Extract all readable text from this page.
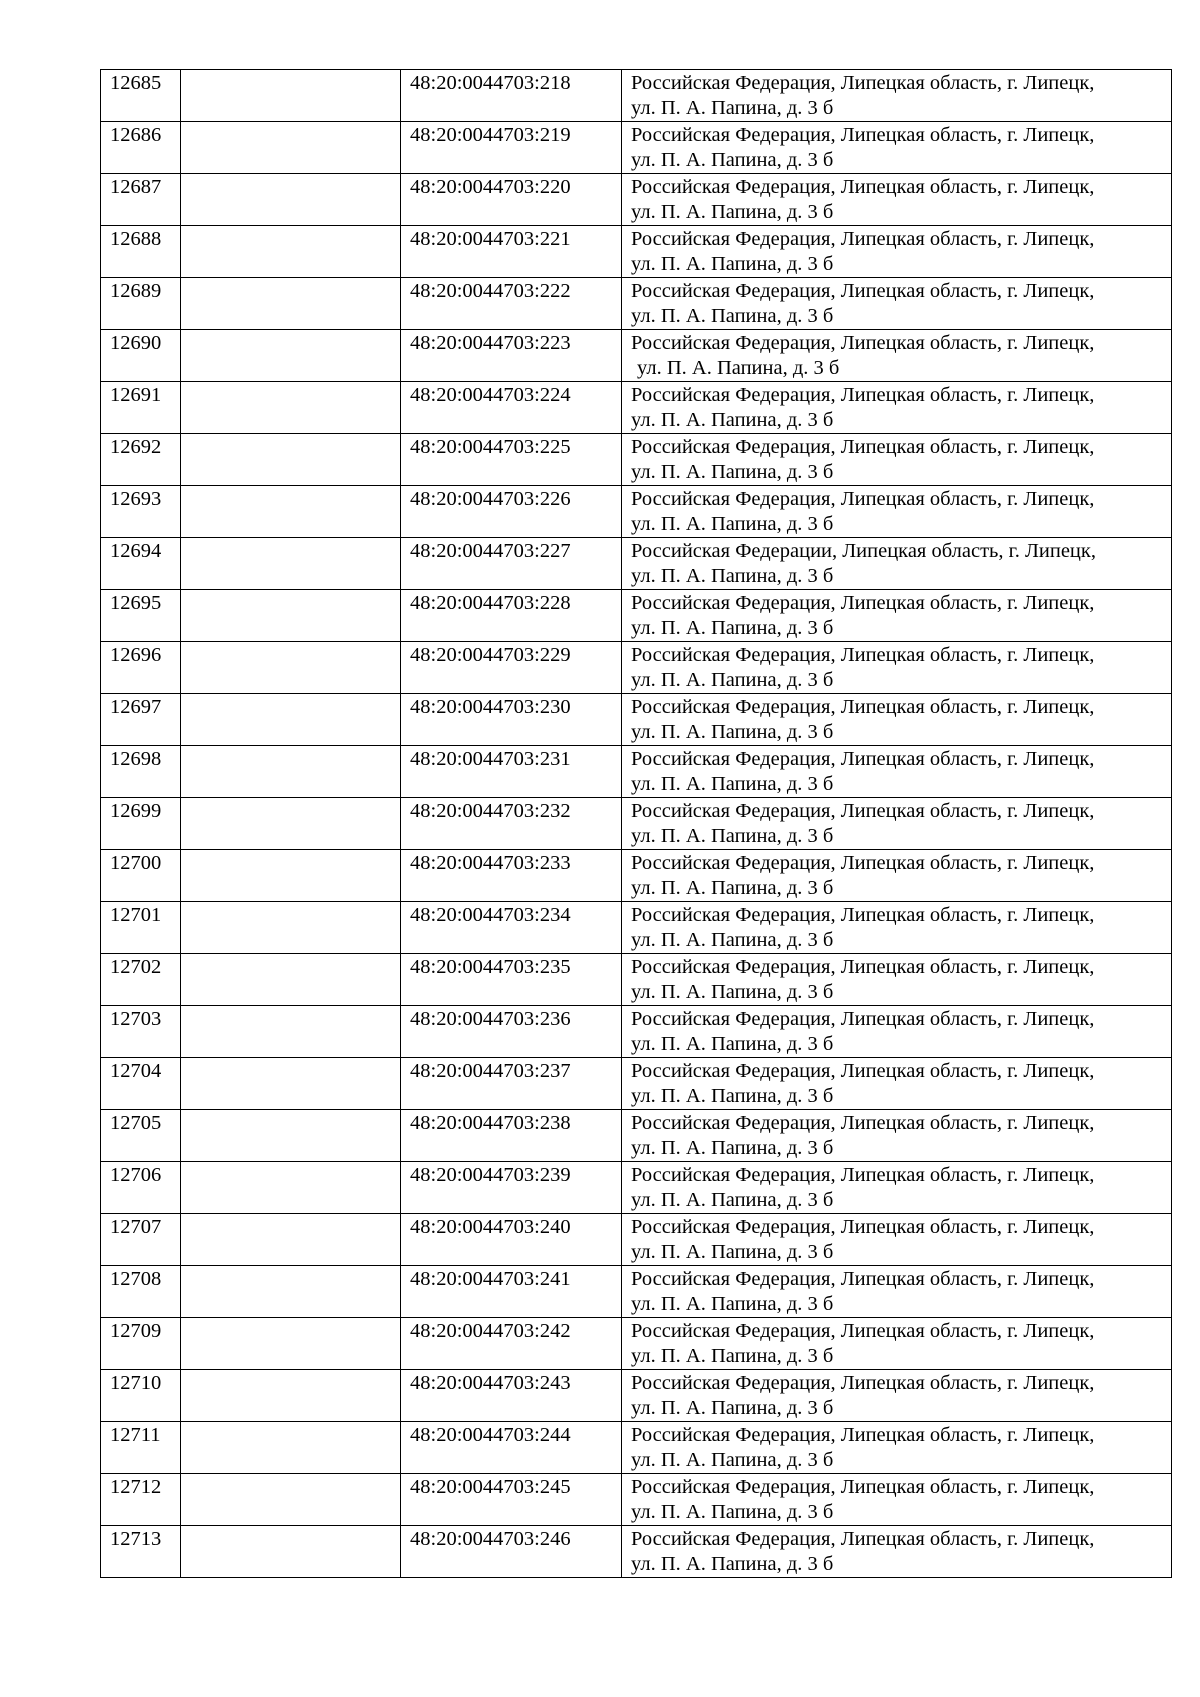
12685		48:20:0044703:218	Российская Федерация, Липецкая область, г. Липецк,
ул. П. А. Папина, д. 3 б

12686		48:20:0044703:219	Российская Федерация, Липецкая область, г. Липецк,
ул. П. А. Папина, д. 3 б

12687		48:20:0044703:220	Российская Федерация, Липецкая область, г. Липецк,
ул. П. А. Папина, д. 3 б

12688		48:20:0044703:221	Российская Федерация, Липецкая область, г. Липецк,
ул. П. А. Папина, д. 3 б

12689		48:20:0044703:222	Российская Федерация, Липецкая область, г. Липецк,
ул. П. А. Папина, д. 3 б

12690		48:20:0044703:223	Российская Федерация, Липецкая область, г. Липецк,
ул. П. А. Папина, д. 3 б

12691		48:20:0044703:224	Российская Федерация, Липецкая область, г. Липецк,
ул. П. А. Папина, д. 3 б

12692		48:20:0044703:225	Российская Федерация, Липецкая область, г. Липецк,
ул. П. А. Папина, д. 3 б

12693		48:20:0044703:226	Российская Федерация, Липецкая область, г. Липецк,
ул. П. А. Папина, д. 3 б

12694		48:20:0044703:227	Российская Федерации, Липецкая область, г. Липецк,
ул. П. А. Папина, д. 3 б

12695		48:20:0044703:228	Российская Федерация, Липецкая область, г. Липецк,
ул. П. А. Папина, д. 3 б

12696		48:20:0044703:229	Российская Федерация, Липецкая область, г. Липецк,
ул. П. А. Папина, д. 3 б

12697		48:20:0044703:230	Российская Федерация, Липецкая область, г. Липецк,
ул. П. А. Папина, д. 3 б

12698		48:20:0044703:231	Российская Федерация, Липецкая область, г. Липецк,
ул. П. А. Папина, д. 3 б

12699		48:20:0044703:232	Российская Федерация, Липецкая область, г. Липецк,
ул. П. А. Папина, д. 3 б

12700		48:20:0044703:233	Российская Федерация, Липецкая область, г. Липецк,
ул. П. А. Папина, д. 3 б

12701		48:20:0044703:234	Российская Федерация, Липецкая область, г. Липецк,
ул. П. А. Папина, д. 3 б

12702		48:20:0044703:235	Российская Федерация, Липецкая область, г. Липецк,
ул. П. А. Папина, д. 3 б

12703		48:20:0044703:236	Российская Федерация, Липецкая область, г. Липецк,
ул. П. А. Папина, д. 3 б

12704		48:20:0044703:237	Российская Федерация, Липецкая область, г. Липецк,
ул. П. А. Папина, д. 3 б

12705		48:20:0044703:238	Российская Федерация, Липецкая область, г. Липецк,
ул. П. А. Папина, д. 3 б

12706		48:20:0044703:239	Российская Федерация, Липецкая область, г. Липецк,
ул. П. А. Папина, д. 3 б

12707		48:20:0044703:240	Российская Федерация, Липецкая область, г. Липецк,
ул. П. А. Папина, д. 3 б

12708		48:20:0044703:241	Российская Федерация, Липецкая область, г. Липецк,
ул. П. А. Папина, д. 3 б

12709		48:20:0044703:242	Российская Федерация, Липецкая область, г. Липецк,
ул. П. А. Папина, д. 3 б

12710		48:20:0044703:243	Российская Федерация, Липецкая область, г. Липецк,
ул. П. А. Папина, д. 3 б

12711		48:20:0044703:244	Российская Федерация, Липецкая область, г. Липецк,
ул. П. А. Папина, д. 3 б

12712		48:20:0044703:245	Российская Федерация, Липецкая область, г. Липецк,
ул. П. А. Папина, д. 3 б

12713		48:20:0044703:246	Российская Федерация, Липецкая область, г. Липецк,
ул. П. А. Папина, д. 3 б
